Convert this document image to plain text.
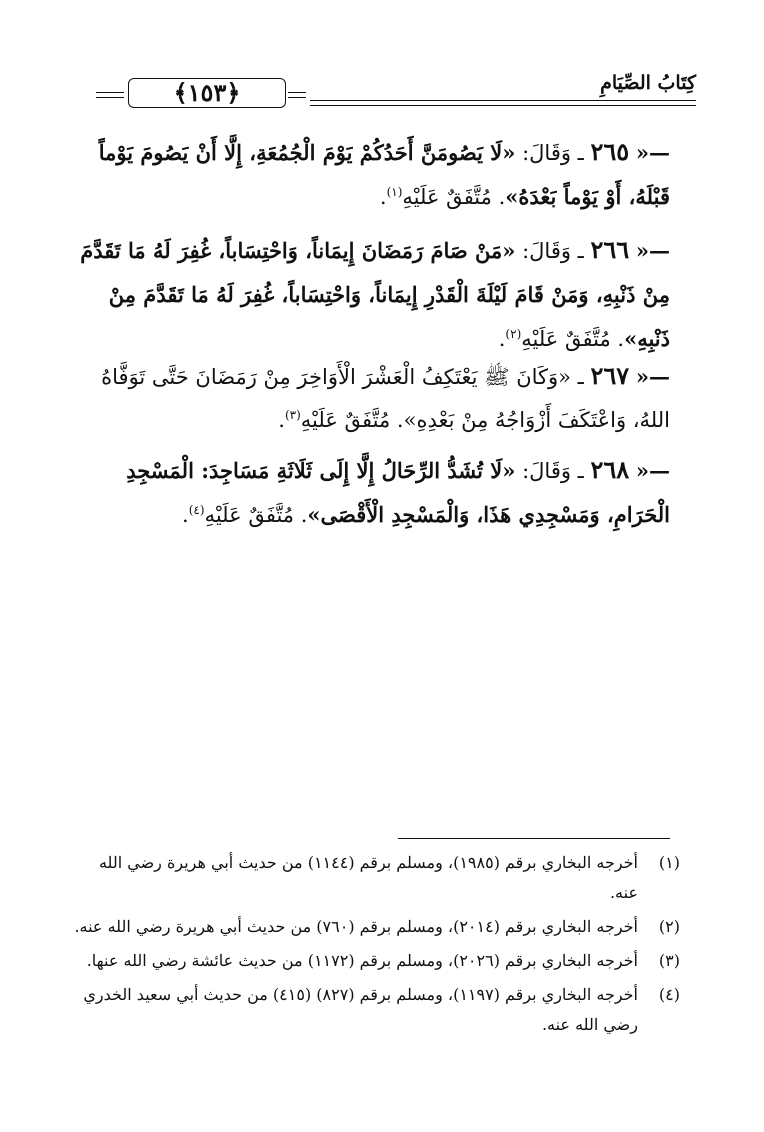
كِتَابُ الصِّيَامِ
﴿١٥٣﴾
—« ٢٦٥ ـ وَقَالَ: «لَا يَصُومَنَّ أَحَدُكُمْ يَوْمَ الْجُمُعَةِ، إِلَّا أَنْ يَصُومَ يَوْماً قَبْلَهُ، أَوْ يَوْماً بَعْدَهُ». مُتَّفَقٌ عَلَيْهِ$^{(١)}$.
—« ٢٦٦ ـ وَقَالَ: «مَنْ صَامَ رَمَضَانَ إِيمَاناً، وَاحْتِسَاباً، غُفِرَ لَهُ مَا تَقَدَّمَ مِنْ ذَنْبِهِ، وَمَنْ قَامَ لَيْلَةَ الْقَدْرِ إِيمَاناً، وَاحْتِسَاباً، غُفِرَ لَهُ مَا تَقَدَّمَ مِنْ ذَنْبِهِ». مُتَّفَقٌ عَلَيْهِ$^{(٢)}$.
—« ٢٦٧ ـ «وَكَانَ ﷺ يَعْتَكِفُ الْعَشْرَ الْأَوَاخِرَ مِنْ رَمَضَانَ حَتَّى تَوَفَّاهُ اللهُ، وَاعْتَكَفَ أَزْوَاجُهُ مِنْ بَعْدِهِ». مُتَّفَقٌ عَلَيْهِ$^{(٣)}$.
—« ٢٦٨ ـ وَقَالَ: «لَا تُشَدُّ الرِّحَالُ إِلَّا إِلَى ثَلَاثَةِ مَسَاجِدَ: الْمَسْجِدِ الْحَرَامِ، وَمَسْجِدِي هَذَا، وَالْمَسْجِدِ الْأَقْصَى». مُتَّفَقٌ عَلَيْهِ$^{(٤)}$.
(١)
أخرجه البخاري برقم (١٩٨٥)، ومسلم برقم (١١٤٤) من حديث أبي هريرة رضي الله عنه.
(٢)
أخرجه البخاري برقم (٢٠١٤)، ومسلم برقم (٧٦٠) من حديث أبي هريرة رضي الله عنه.
(٣)
أخرجه البخاري برقم (٢٠٢٦)، ومسلم برقم (١١٧٢) من حديث عائشة رضي الله عنها.
(٤)
أخرجه البخاري برقم (١١٩٧)، ومسلم برقم (٨٢٧) (٤١٥) من حديث أبي سعيد الخدري رضي الله عنه.
